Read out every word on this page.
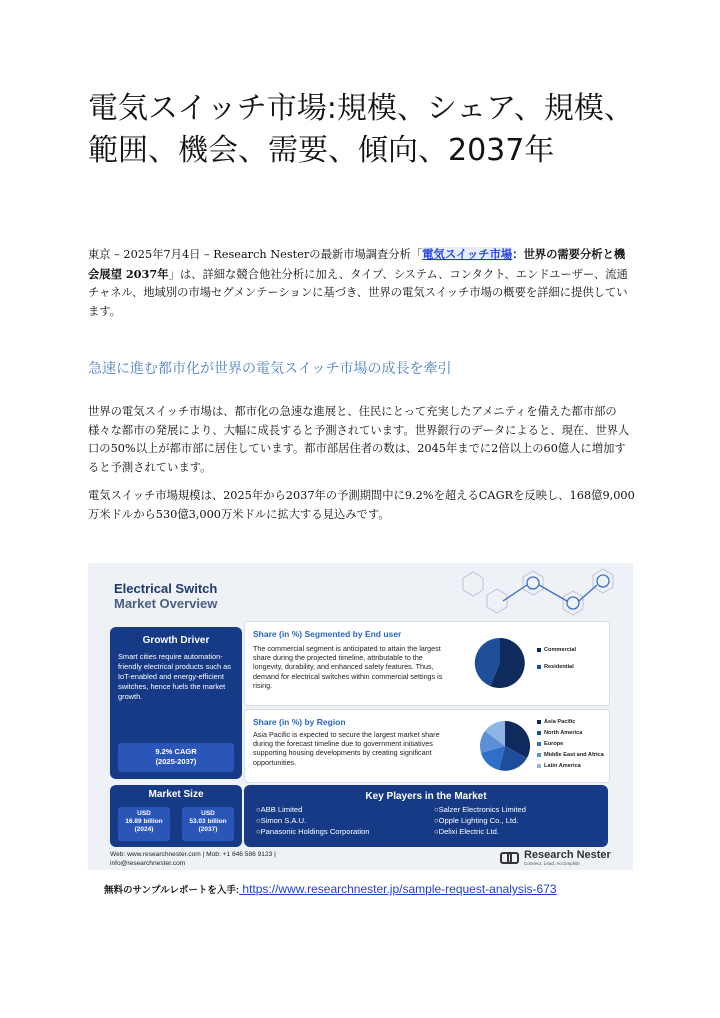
電気スイッチ市場:規模、シェア、規模、範囲、機会、需要、傾向、2037年

東京 – 2025年7月4日 – Research Nesterの最新市場調査分析「電気スイッチ市場：世界の需要分析と機会展望 2037年」は、詳細な競合他社分析に加え、タイプ、システム、コンタクト、エンドユーザー、流通チャネル、地域別の市場セグメンテーションに基づき、世界の電気スイッチ市場の概要を詳細に提供しています。

急速に進む都市化が世界の電気スイッチ市場の成長を牽引

世界の電気スイッチ市場は、都市化の急速な進展と、住民にとって充実したアメニティを備えた都市部の様々な都市の発展により、大幅に成長すると予測されています。世界銀行のデータによると、現在、世界人口の50%以上が都市部に居住しています。都市部居住者の数は、2045年までに2倍以上の60億人に増加すると予測されています。

電気スイッチ市場規模は、2025年から2037年の予測期間中に9.2%を超えるCAGRを反映し、168億9,000万米ドルから530億3,000万米ドルに拡大する見込みです。

Electrical Switch
Market Overview
Growth Driver
Smart cities require automation-friendly electrical products such as IoT-enabled and energy-efficient switches, hence fuels the market growth.
9.2% CAGR
(2025-2037)
Market Size
USD
16.89 billion
(2024)
USD
53.03 billion
(2037)
Share (in %) Segmented by End user
The commercial segment is anticipated to attain the largest share during the projected timeline, attributable to the longevity, durability, and enhanced safety features. Thus, demand for electrical switches within commercial settings is rising.
Commercial
Residential
Share (in %) by Region
Asia Pacific is expected to secure the largest market share during the forecast timeline due to government initiatives supporting housing developments by creating significant opportunities.
Asia Pacific
North America
Europe
Middle East and Africa
Latin America
Key Players in the Market
○ABB Limited
○Simon S.A.U.
○Panasonic Holdings Corporation
○Salzer Electronics Limited
○Opple Lighting Co., Ltd.
○Delixi Electric Ltd.
Web: www.researchnester.com | Mob: +1 646 586 9123 |
info@researchnester.com
Research Nester
Connect. Lead. Accomplish
無料のサンプルレポートを入手: https://www.researchnester.jp/sample-request-analysis-673
